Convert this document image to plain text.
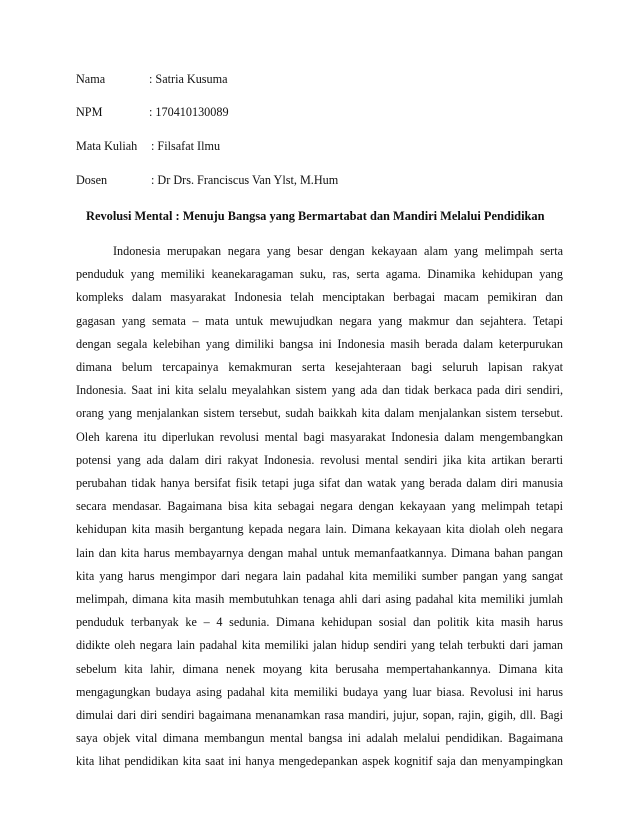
Nama	: Satria Kusuma
NPM	: 170410130089
Mata Kuliah : Filsafat Ilmu
Dosen	: Dr Drs. Franciscus Van Ylst, M.Hum
Revolusi Mental : Menuju Bangsa yang Bermartabat dan Mandiri Melalui Pendidikan
Indonesia merupakan negara yang besar dengan kekayaan alam yang melimpah serta
penduduk yang memiliki keanekaragaman suku, ras, serta agama. Dinamika kehidupan yang
kompleks dalam masyarakat Indonesia telah menciptakan berbagai macam pemikiran dan
gagasan yang semata – mata untuk mewujudkan negara yang makmur dan sejahtera. Tetapi
dengan segala kelebihan yang dimiliki bangsa ini Indonesia masih berada dalam keterpurukan
dimana belum tercapainya kemakmuran serta kesejahteraan bagi seluruh lapisan rakyat
Indonesia. Saat ini kita selalu meyalahkan sistem yang ada dan tidak berkaca pada diri sendiri,
orang yang menjalankan sistem tersebut, sudah baikkah kita dalam menjalankan sistem tersebut.
Oleh karena itu diperlukan revolusi mental bagi masyarakat Indonesia dalam mengembangkan
potensi yang ada dalam diri rakyat Indonesia. revolusi mental sendiri jika kita artikan berarti
perubahan tidak hanya bersifat fisik tetapi juga sifat dan watak yang berada dalam diri manusia
secara mendasar. Bagaimana bisa kita sebagai negara dengan kekayaan yang melimpah tetapi
kehidupan kita masih bergantung kepada negara lain. Dimana kekayaan kita diolah oleh negara
lain dan kita harus membayarnya dengan mahal untuk memanfaatkannya. Dimana bahan pangan
kita yang harus mengimpor dari negara lain padahal kita memiliki sumber pangan yang sangat
melimpah, dimana kita masih membutuhkan tenaga ahli dari asing padahal kita memiliki jumlah
penduduk terbanyak ke – 4 sedunia. Dimana kehidupan sosial dan politik kita masih harus
didikte oleh negara lain padahal kita memiliki jalan hidup sendiri yang telah terbukti dari jaman
sebelum kita lahir, dimana nenek moyang kita berusaha mempertahankannya. Dimana kita
mengagungkan budaya asing padahal kita memiliki budaya yang luar biasa. Revolusi ini harus
dimulai dari diri sendiri bagaimana menanamkan rasa mandiri, jujur, sopan, rajin, gigih, dll. Bagi
saya objek vital dimana membangun mental bangsa ini adalah melalui pendidikan. Bagaimana
kita lihat pendidikan kita saat ini hanya mengedepankan aspek kognitif saja dan menyampingkan
